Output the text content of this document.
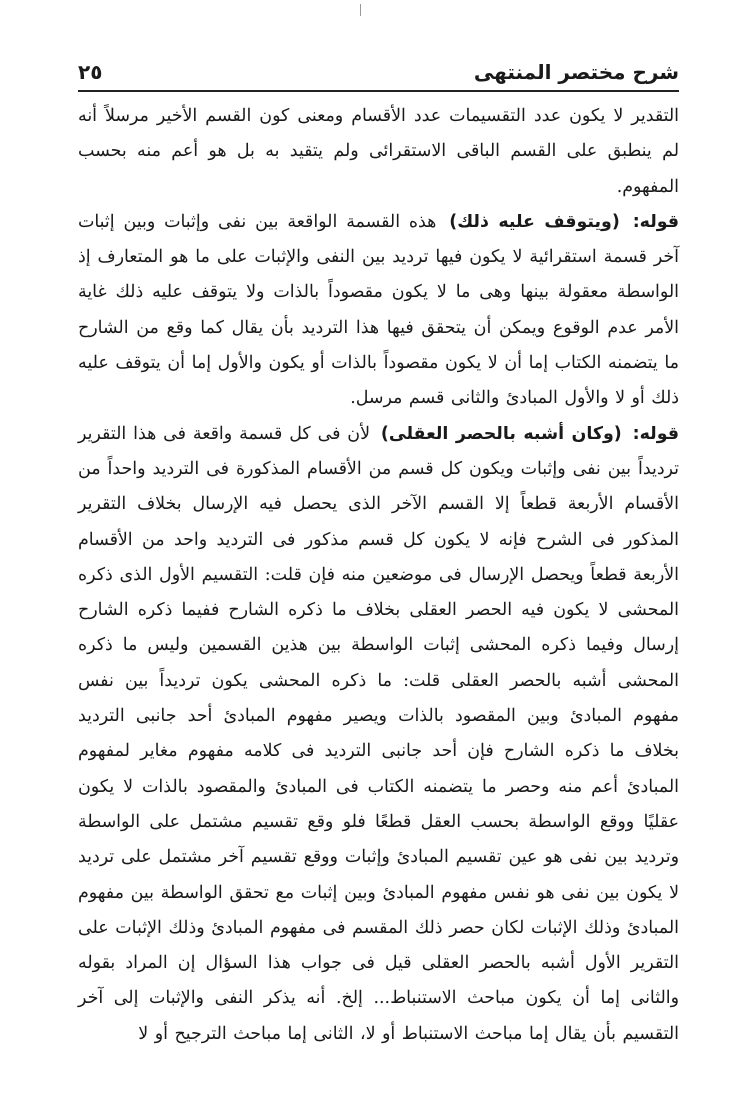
شرح مختصر المنتهى
٢٥

التقدير لا يكون عدد التقسيمات عدد الأقسام ومعنى كون القسم الأخير مرسلاً أنه لم ينطبق على القسم الباقى الاستقرائى ولم يتقيد به بل هو أعم منه بحسب المفهوم.

قوله: (ويتوقف عليه ذلك) هذه القسمة الواقعة بين نفى وإثبات وبين إثبات آخر قسمة استقرائية لا يكون فيها ترديد بين النفى والإثبات على ما هو المتعارف إذ الواسطة معقولة بينها وهى ما لا يكون مقصوداً بالذات ولا يتوقف عليه ذلك غاية الأمر عدم الوقوع ويمكن أن يتحقق فيها هذا الترديد بأن يقال كما وقع من الشارح ما يتضمنه الكتاب إما أن لا يكون مقصوداً بالذات أو يكون والأول إما أن يتوقف عليه ذلك أو لا والأول المبادئ والثانى قسم مرسل.

قوله: (وكان أشبه بالحصر العقلى) لأن فى كل قسمة واقعة فى هذا التقرير ترديداً بين نفى وإثبات ويكون كل قسم من الأقسام المذكورة فى الترديد واحداً من الأقسام الأربعة قطعاً إلا القسم الآخر الذى يحصل فيه الإرسال بخلاف التقرير المذكور فى الشرح فإنه لا يكون كل قسم مذكور فى الترديد واحد من الأقسام الأربعة قطعاً ويحصل الإرسال فى موضعين منه فإن قلت: التقسيم الأول الذى ذكره المحشى لا يكون فيه الحصر العقلى بخلاف ما ذكره الشارح ففيما ذكره الشارح إرسال وفيما ذكره المحشى إثبات الواسطة بين هذين القسمين وليس ما ذكره المحشى أشبه بالحصر العقلى قلت: ما ذكره المحشى يكون ترديداً بين نفس مفهوم المبادئ وبين المقصود بالذات ويصير مفهوم المبادئ أحد جانبى الترديد بخلاف ما ذكره الشارح فإن أحد جانبى الترديد فى كلامه مفهوم مغاير لمفهوم المبادئ أعم منه وحصر ما يتضمنه الكتاب فى المبادئ والمقصود بالذات لا يكون عقليًا ووقع الواسطة بحسب العقل قطعًا فلو وقع تقسيم مشتمل على الواسطة وترديد بين نفى هو عين تقسيم المبادئ وإثبات ووقع تقسيم آخر مشتمل على ترديد لا يكون بين نفى هو نفس مفهوم المبادئ وبين إثبات مع تحقق الواسطة بين مفهوم المبادئ وذلك الإثبات لكان حصر ذلك المقسم فى مفهوم المبادئ وذلك الإثبات على التقرير الأول أشبه بالحصر العقلى قيل فى جواب هذا السؤال إن المراد بقوله والثانى إما أن يكون مباحث الاستنباط... إلخ. أنه يذكر النفى والإثبات إلى آخر التقسيم بأن يقال إما مباحث الاستنباط أو لا، الثانى إما مباحث الترجيح أو لا
